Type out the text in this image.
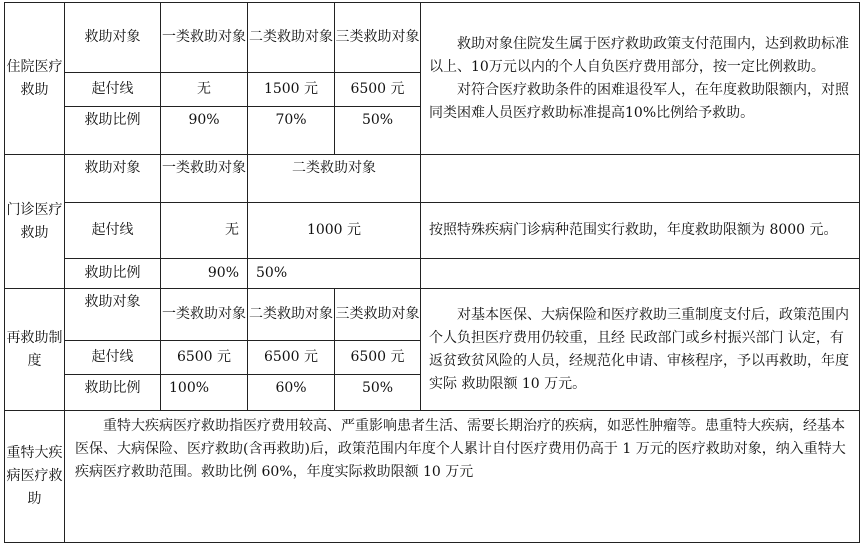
住院医疗救助	救助对象	一类救助对象	二类救助对象	三类救助对象	救助对象住院发生属于医疗救助政策支付范围内，达到救助标准以上、10万元以内的个人自负医疗费用部分，按一定比例救助。

对符合医疗救助条件的困难退役军人，在年度救助限额内，对照同类困难人员医疗救助标准提高10%比例给予救助。

	起付线	无	1500 元	6500 元	
	救助比例	90%	70%	50%	
门诊医疗救助	救助对象	一类救助对象	二类救助对象		
	起付线	无	1000 元		按照特殊疾病门诊病种范围实行救助，年度救助限额为 8000 元。
	救助比例	90%	50%		
再救助制度	救助对象	一类救助对象	二类救助对象	三类救助对象	对基本医保、大病保险和医疗救助三重制度支付后，政策范围内个人负担医疗费用仍较重，且经 民政部门或乡村振兴部门 认定，有返贫致贫风险的人员，经规范化申请、审核程序，予以再救助，年度实际 救助限额 10 万元。

	起付线	6500 元	6500 元	6500 元	
	救助比例	100%	60%	50%	
重特大疾病医疗救助	重特大疾病医疗救助指医疗费用较高、严重影响患者生活、需要长期治疗的疾病，如恶性肿瘤等。患重特大疾病，经基本医保、大病保险、医疗救助(含再救助)后，政策范围内年度个人累计自付医疗费用仍高于 1 万元的医疗救助对象，纳入重特大疾病医疗救助范围。救助比例 60%，年度实际救助限额 10 万元				
